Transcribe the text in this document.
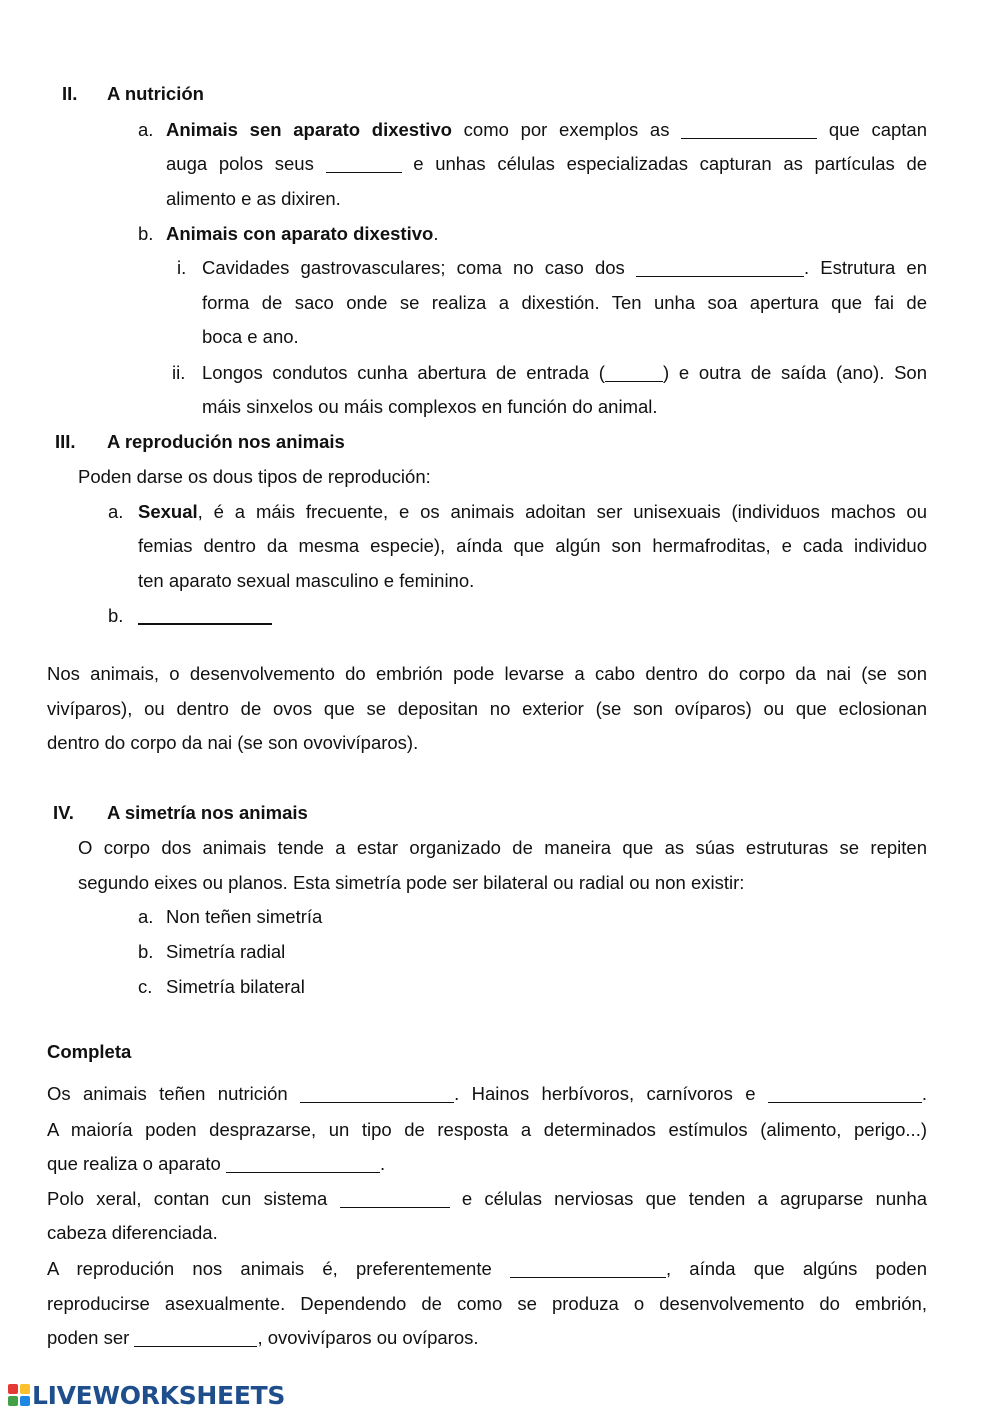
II. A nutrición
a. Animais sen aparato dixestivo como por exemplos as	que captan
auga polos seus	e unhas células especializadas capturan as partículas de
alimento e as dixiren.
b. Animais con aparato dixestivo.
i. Cavidades gastrovasculares; coma no caso dos	. Estrutura en
forma de saco onde se realiza a dixestión. Ten unha soa apertura que fai de
boca e ano.
ii. Longos condutos cunha abertura de entrada (	) e outra de saída (ano). Son
máis sinxelos ou máis complexos en función do animal.
III. A reprodución nos animais
Poden darse os dous tipos de reprodución:
a. Sexual, é a máis frecuente, e os animais adoitan ser unisexuais (individuos machos ou
femias dentro da mesma especie), aínda que algún son hermafroditas, e cada individuo
ten aparato sexual masculino e feminino.
b.
Nos animais, o desenvolvemento do embrión pode levarse a cabo dentro do corpo da nai (se son
vivíparos), ou dentro de ovos que se depositan no exterior (se son ovíparos) ou que eclosionan
dentro do corpo da nai (se son ovovivíparos).
IV. A simetría nos animais
O corpo dos animais tende a estar organizado de maneira que as súas estruturas se repiten
segundo eixes ou planos. Esta simetría pode ser bilateral ou radial ou non existir:
a. Non teñen simetría
b. Simetría radial
c. Simetría bilateral
Completa
Os animais teñen nutrición	. Hainos herbívoros, carnívoros e	.
A maioría poden desprazarse, un tipo de resposta a determinados estímulos (alimento, perigo...)
que realiza o aparato	.
Polo xeral, contan cun sistema	e células nerviosas que tenden a agruparse nunha
cabeza diferenciada.
A reprodución nos animais é, preferentemente	, aínda que algúns poden
reproducirse asexualmente. Dependendo de como se produza o desenvolvemento do embrión,
poden ser	, ovovivíparos ou ovíparos.
LIVEWORKSHEETS
